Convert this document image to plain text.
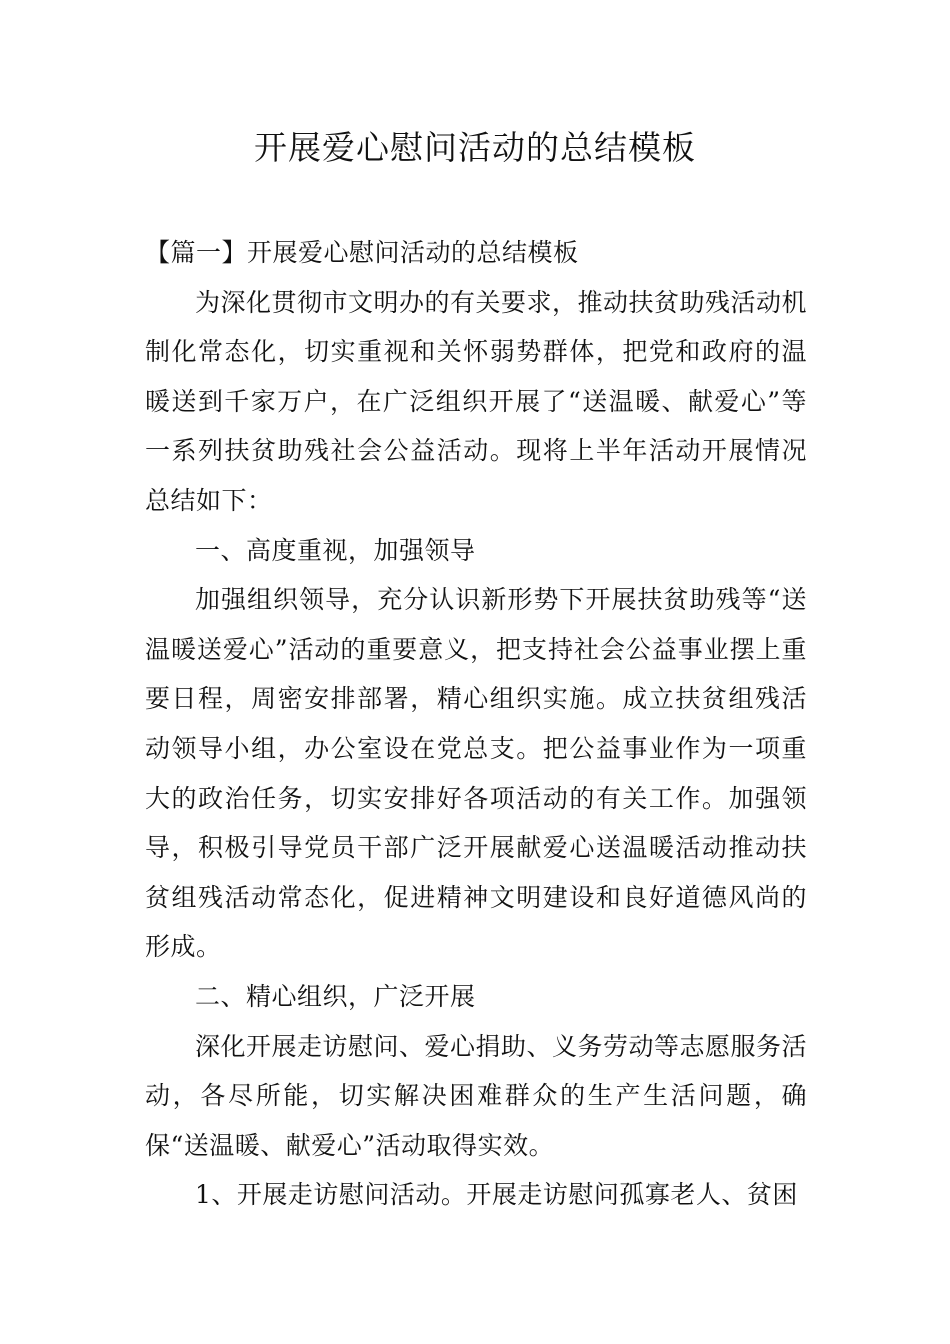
开展爱心慰问活动的总结模板

【篇一】开展爱心慰问活动的总结模板

为深化贯彻市文明办的有关要求，推动扶贫助残活动机制化常态化，切实重视和关怀弱势群体，把党和政府的温暖送到千家万户，在广泛组织开展了“送温暖、献爱心”等一系列扶贫助残社会公益活动。现将上半年活动开展情况总结如下：

一、高度重视，加强领导

加强组织领导，充分认识新形势下开展扶贫助残等“送温暖送爱心”活动的重要意义，把支持社会公益事业摆上重要日程，周密安排部署，精心组织实施。成立扶贫组残活动领导小组，办公室设在党总支。把公益事业作为一项重大的政治任务，切实安排好各项活动的有关工作。加强领导，积极引导党员干部广泛开展献爱心送温暖活动推动扶贫组残活动常态化，促进精神文明建设和良好道德风尚的形成。

二、精心组织，广泛开展

深化开展走访慰问、爱心捐助、义务劳动等志愿服务活动，各尽所能，切实解决困难群众的生产生活问题，确保“送温暖、献爱心”活动取得实效。

1、开展走访慰问活动。开展走访慰问孤寡老人、贫困
